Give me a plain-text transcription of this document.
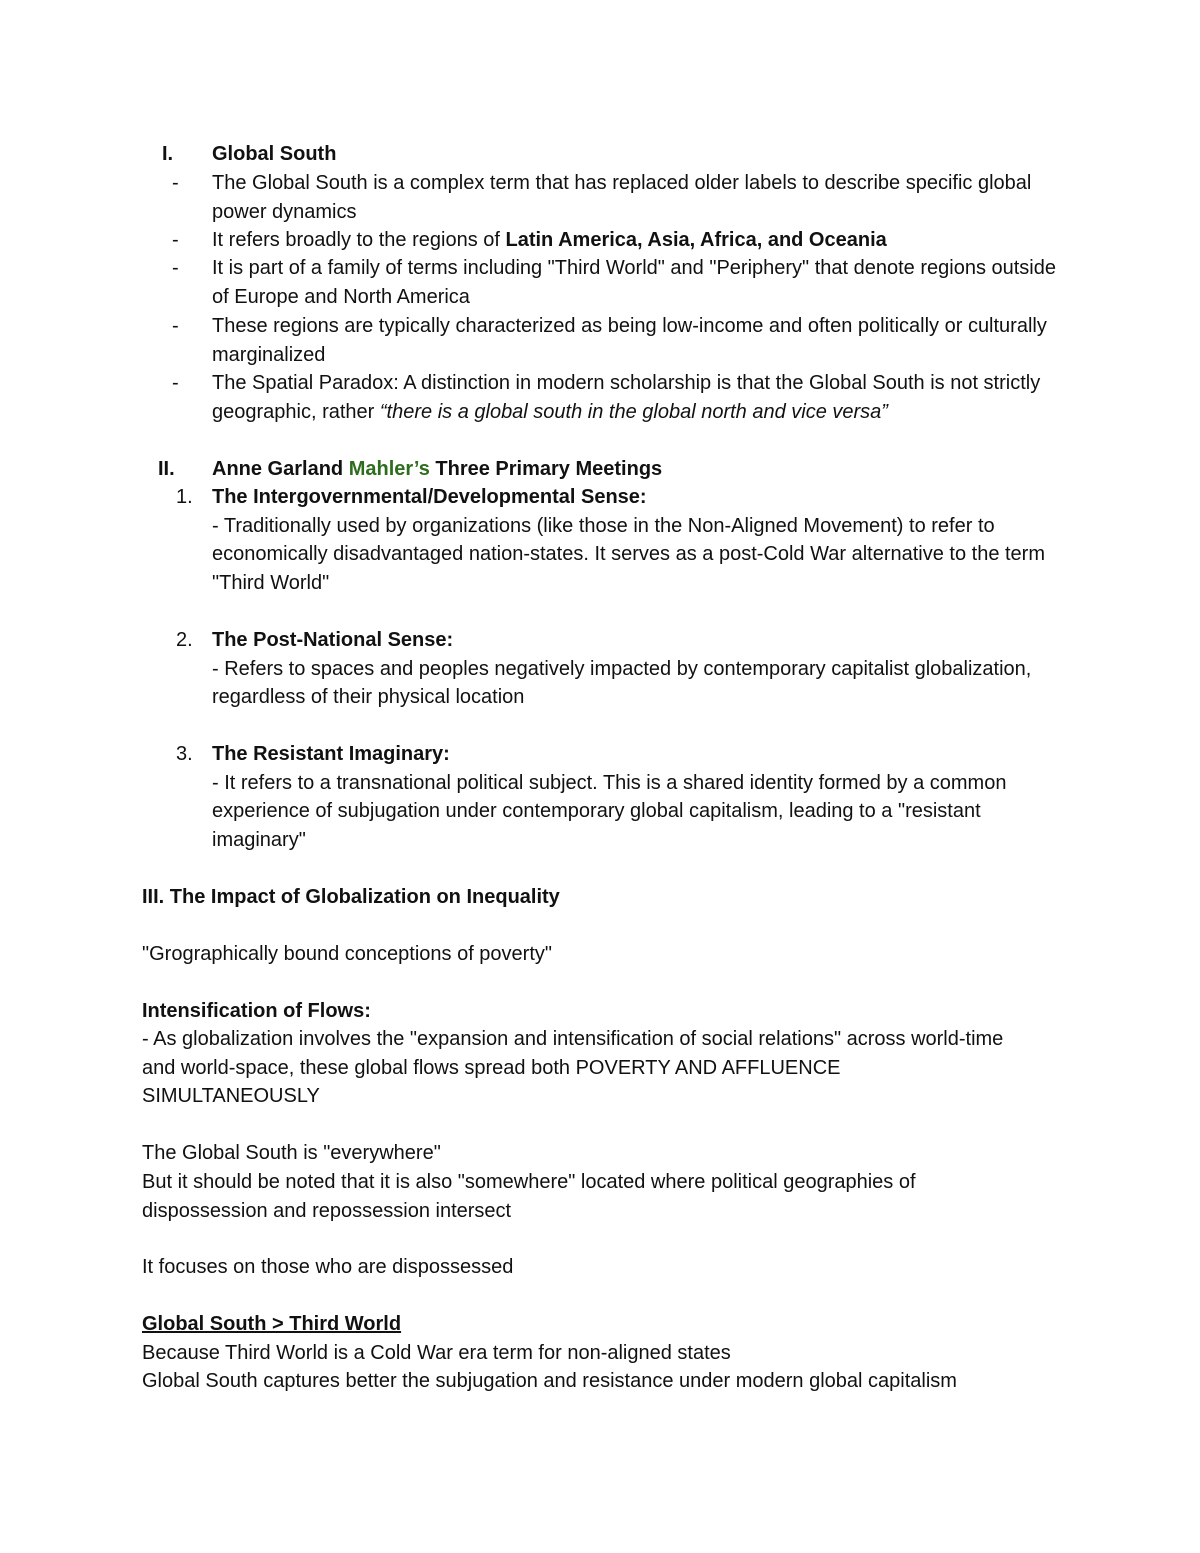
I. Global South
- The Global South is a complex term that has replaced older labels to describe specific global power dynamics
- It refers broadly to the regions of Latin America, Asia, Africa, and Oceania
- It is part of a family of terms including "Third World" and "Periphery" that denote regions outside of Europe and North America
- These regions are typically characterized as being low-income and often politically or culturally marginalized
- The Spatial Paradox: A distinction in modern scholarship is that the Global South is not strictly geographic, rather “there is a global south in the global north and vice versa”
II. Anne Garland Mahler’s Three Primary Meetings
1. The Intergovernmental/Developmental Sense:
- Traditionally used by organizations (like those in the Non-Aligned Movement) to refer to economically disadvantaged nation-states. It serves as a post-Cold War alternative to the term "Third World"
2. The Post-National Sense:
- Refers to spaces and peoples negatively impacted by contemporary capitalist globalization, regardless of their physical location
3. The Resistant Imaginary:
- It refers to a transnational political subject. This is a shared identity formed by a common experience of subjugation under contemporary global capitalism, leading to a "resistant imaginary"
III. The Impact of Globalization on Inequality
"Grographically bound conceptions of poverty"
Intensification of Flows:
- As globalization involves the "expansion and intensification of social relations" across world-time and world-space, these global flows spread both POVERTY AND AFFLUENCE SIMULTANEOUSLY
The Global South is "everywhere"
But it should be noted that it is also "somewhere" located where political geographies of dispossession and repossession intersect
It focuses on those who are dispossessed
Global South > Third World
Because Third World is a Cold War era term for non-aligned states
Global South captures better the subjugation and resistance under modern global capitalism
